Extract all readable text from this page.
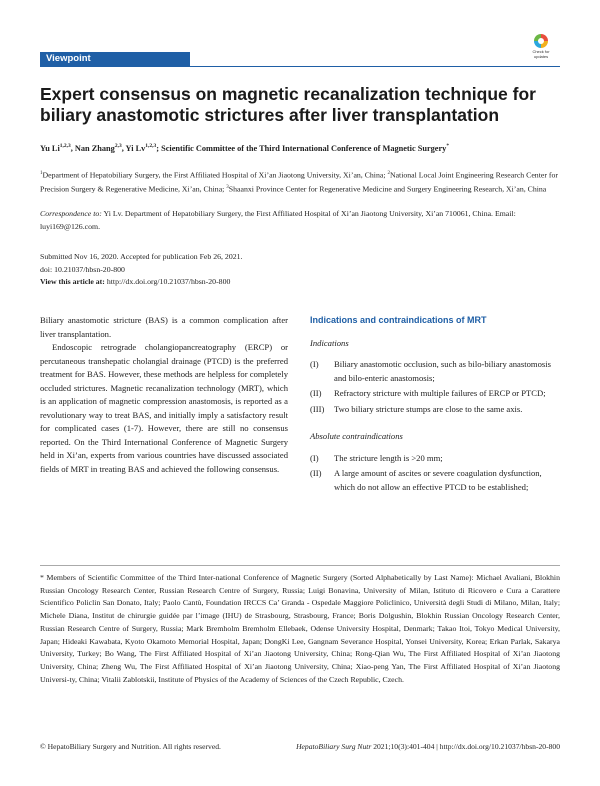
Viewpoint
Check for updates
Expert consensus on magnetic recanalization technique for biliary anastomotic strictures after liver transplantation
Yu Li$^{1,2,3}$, Nan Zhang$^{2,3}$, Yi Lv$^{1,2,3}$; Scientific Committee of the Third International Conference of Magnetic Surgery*
$^1$Department of Hepatobiliary Surgery, the First Affiliated Hospital of Xi’an Jiaotong University, Xi’an, China; $^2$National Local Joint Engineering Research Center for Precision Surgery & Regenerative Medicine, Xi’an, China; $^3$Shaanxi Province Center for Regenerative Medicine and Surgery Engineering Research, Xi’an, China
Correspondence to: Yi Lv. Department of Hepatobiliary Surgery, the First Affiliated Hospital of Xi’an Jiaotong University, Xi’an 710061, China. Email: luyi169@126.com.
Submitted Nov 16, 2020. Accepted for publication Feb 26, 2021.
doi: 10.21037/hbsn-20-800
View this article at: http://dx.doi.org/10.21037/hbsn-20-800

Biliary anastomotic stricture (BAS) is a common complication after liver transplantation.

Endoscopic retrograde cholangiopancreatography (ERCP) or percutaneous transhepatic cholangial drainage (PTCD) is the preferred treatment for BAS. However, these methods are helpless for completely occluded strictures. Magnetic recanalization technology (MRT), which is an application of magnetic compression anastomosis, is reported as a revolutionary way to treat BAS, and initially imply a satisfactory result for complicated cases (1-7). However, there are still no consensus reported. On the Third International Conference of Magnetic Surgery held in Xi’an, experts from various countries have discussed associated fields of MRT in treating BAS and achieved the following consensus.

Indications and contraindications of MRT
Indications
(I) Biliary anastomotic occlusion, such as bilo-biliary anastomosis and bilo-enteric anastomosis;
(II) Refractory stricture with multiple failures of ERCP or PTCD;
(III) Two biliary stricture stumps are close to the same axis.
Absolute contraindications
(I) The stricture length is >20 mm;
(II) A large amount of ascites or severe coagulation dysfunction, which do not allow an effective PTCD to be established;
* Members of Scientific Committee of the Third Inter-national Conference of Magnetic Surgery (Sorted Alphabetically by Last Name): Michael Avaliani, Blokhin Russian Oncology Research Center, Russian Research Centre of Surgery, Russia; Luigi Bonavina, University of Milan, Istituto di Ricovero e Cura a Carattere Scientifico Policlin San Donato, Italy; Paolo Cantù, Foundation IRCCS Ca’ Granda - Ospedale Maggiore Policlinico, Università degli Studi di Milano, Milan, Italy; Michele Diana, Institut de chirurgie guidée par l’image (IHU) de Strasbourg, Strasbourg, France; Boris Dolgushin, Blokhin Russian Oncology Research Center, Russian Research Centre of Surgery, Russia; Mark Bremholm Bremholm Ellebaek, Odense University Hospital, Denmark; Takao Itoi, Tokyo Medical University, Japan; Hideaki Kawabata, Kyoto Okamoto Memorial Hospital, Japan; DongKi Lee, Gangnam Severance Hospital, Yonsei University, Korea; Erkan Parlak, Sakarya University, Turkey; Bo Wang, The First Affiliated Hospital of Xi’an Jiaotong University, China; Rong-Qian Wu, The First Affiliated Hospital of Xi’an Jiaotong University, China; Zheng Wu, The First Affiliated Hospital of Xi’an Jiaotong University, China; Xiao-peng Yan, The First Affiliated Hospital of Xi’an Jiaotong Universi-ty, China; Vitalii Zablotskii, Institute of Physics of the Academy of Sciences of the Czech Republic, Czech.
© HepatoBiliary Surgery and Nutrition. All rights reserved.	HepatoBiliary Surg Nutr 2021;10(3):401-404 | http://dx.doi.org/10.21037/hbsn-20-800
